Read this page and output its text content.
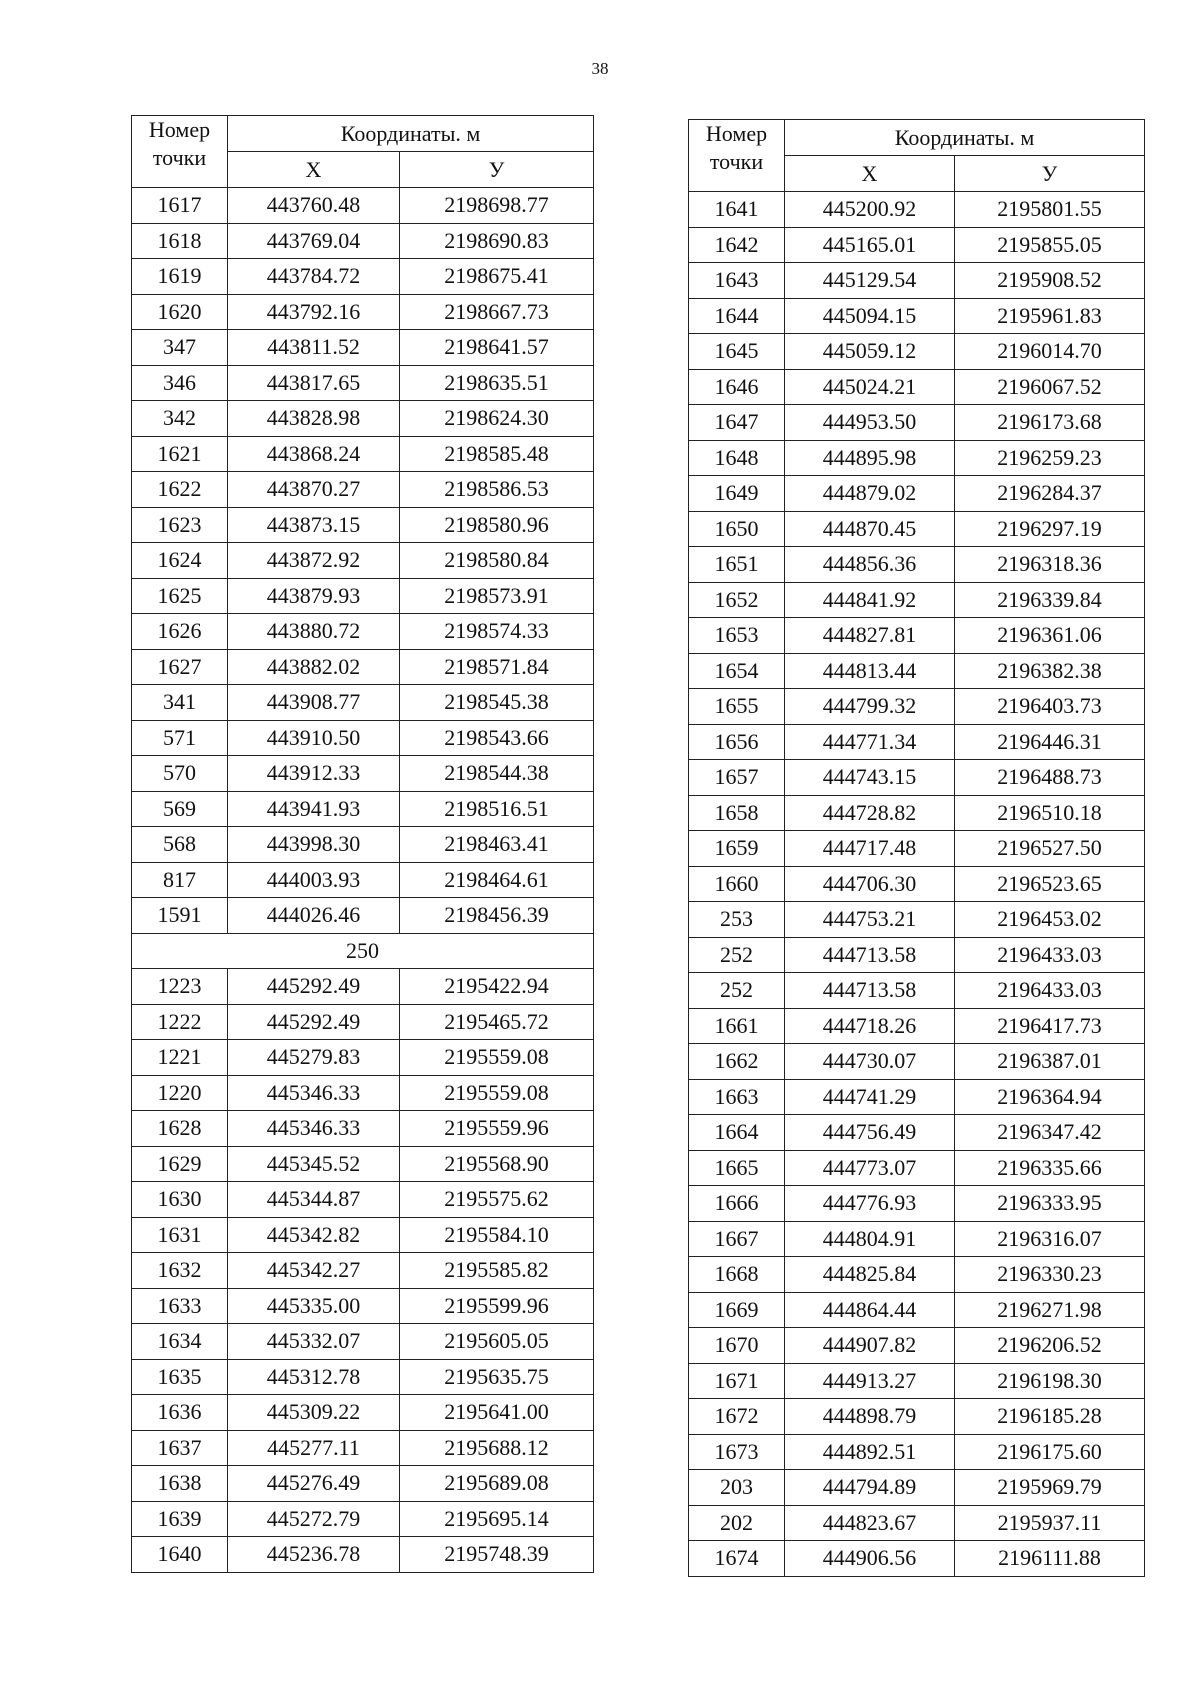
38
Номер
точки	Координаты. м	
	X	У
1617	443760.48	2198698.77
1618	443769.04	2198690.83
1619	443784.72	2198675.41
1620	443792.16	2198667.73
347	443811.52	2198641.57
346	443817.65	2198635.51
342	443828.98	2198624.30
1621	443868.24	2198585.48
1622	443870.27	2198586.53
1623	443873.15	2198580.96
1624	443872.92	2198580.84
1625	443879.93	2198573.91
1626	443880.72	2198574.33
1627	443882.02	2198571.84
341	443908.77	2198545.38
571	443910.50	2198543.66
570	443912.33	2198544.38
569	443941.93	2198516.51
568	443998.30	2198463.41
817	444003.93	2198464.61
1591	444026.46	2198456.39
250		
1223	445292.49	2195422.94
1222	445292.49	2195465.72
1221	445279.83	2195559.08
1220	445346.33	2195559.08
1628	445346.33	2195559.96
1629	445345.52	2195568.90
1630	445344.87	2195575.62
1631	445342.82	2195584.10
1632	445342.27	2195585.82
1633	445335.00	2195599.96
1634	445332.07	2195605.05
1635	445312.78	2195635.75
1636	445309.22	2195641.00
1637	445277.11	2195688.12
1638	445276.49	2195689.08
1639	445272.79	2195695.14
1640	445236.78	2195748.39
Номер
точки	Координаты. м	
	X	У
1641	445200.92	2195801.55
1642	445165.01	2195855.05
1643	445129.54	2195908.52
1644	445094.15	2195961.83
1645	445059.12	2196014.70
1646	445024.21	2196067.52
1647	444953.50	2196173.68
1648	444895.98	2196259.23
1649	444879.02	2196284.37
1650	444870.45	2196297.19
1651	444856.36	2196318.36
1652	444841.92	2196339.84
1653	444827.81	2196361.06
1654	444813.44	2196382.38
1655	444799.32	2196403.73
1656	444771.34	2196446.31
1657	444743.15	2196488.73
1658	444728.82	2196510.18
1659	444717.48	2196527.50
1660	444706.30	2196523.65
253	444753.21	2196453.02
252	444713.58	2196433.03
252	444713.58	2196433.03
1661	444718.26	2196417.73
1662	444730.07	2196387.01
1663	444741.29	2196364.94
1664	444756.49	2196347.42
1665	444773.07	2196335.66
1666	444776.93	2196333.95
1667	444804.91	2196316.07
1668	444825.84	2196330.23
1669	444864.44	2196271.98
1670	444907.82	2196206.52
1671	444913.27	2196198.30
1672	444898.79	2196185.28
1673	444892.51	2196175.60
203	444794.89	2195969.79
202	444823.67	2195937.11
1674	444906.56	2196111.88
